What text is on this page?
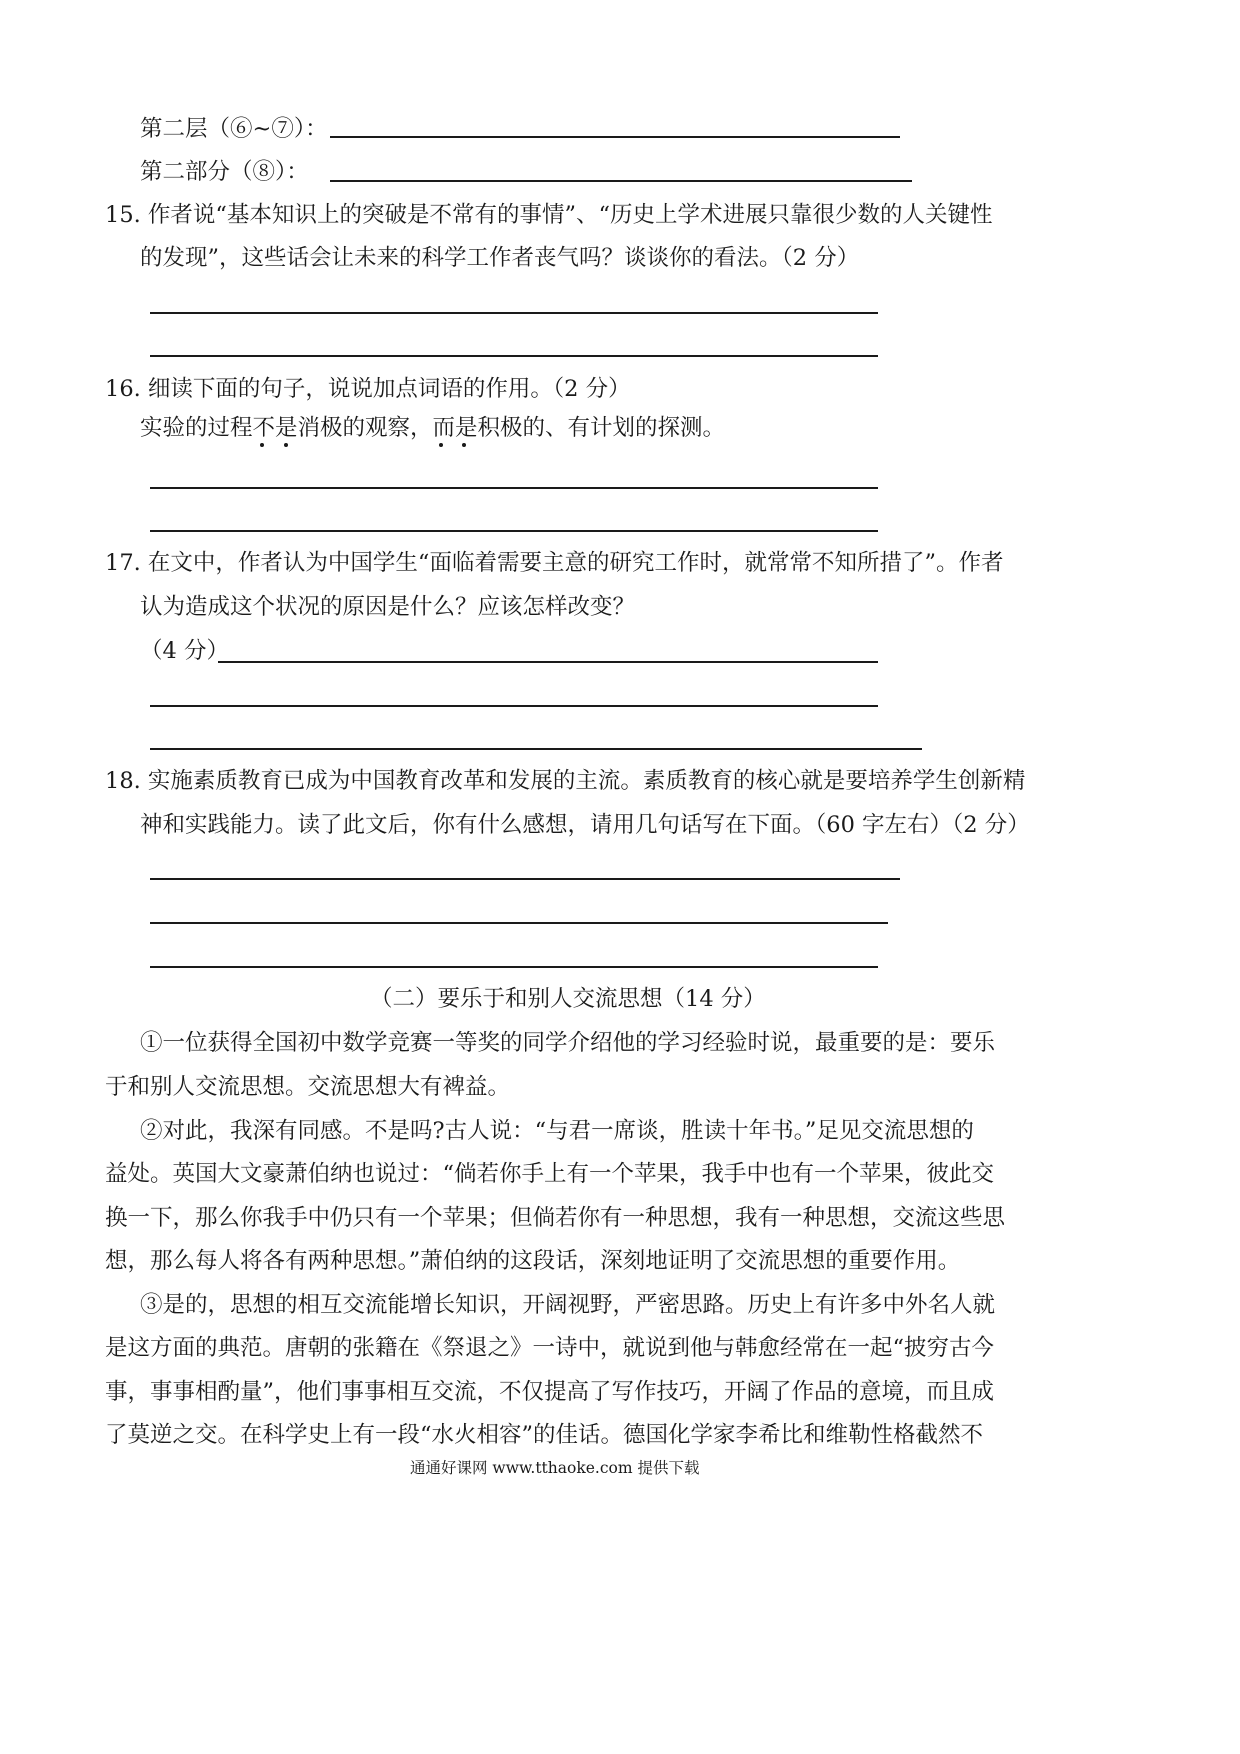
第二层（⑥~⑦）：
第二部分（⑧）：
15. 作者说“基本知识上的突破是不常有的事情”、“历史上学术进展只靠很少数的人关键性
的发现”，这些话会让未来的科学工作者丧气吗？谈谈你的看法。（2 分）
16. 细读下面的句子，说说加点词语的作用。（2 分）
实验的过程不是消极的观察，而是积极的、有计划的探测。
17. 在文中，作者认为中国学生“面临着需要主意的研究工作时，就常常不知所措了”。作者
认为造成这个状况的原因是什么？应该怎样改变？
（4 分）
18. 实施素质教育已成为中国教育改革和发展的主流。素质教育的核心就是要培养学生创新精
神和实践能力。读了此文后，你有什么感想，请用几句话写在下面。（60 字左右）（2 分）
（二）要乐于和别人交流思想（14 分）
①一位获得全国初中数学竞赛一等奖的同学介绍他的学习经验时说，最重要的是：要乐
于和别人交流思想。交流思想大有裨益。
②对此，我深有同感。不是吗?古人说：“与君一席谈，胜读十年书。”足见交流思想的
益处。英国大文豪萧伯纳也说过：“倘若你手上有一个苹果，我手中也有一个苹果，彼此交
换一下，那么你我手中仍只有一个苹果；但倘若你有一种思想，我有一种思想，交流这些思
想，那么每人将各有两种思想。”萧伯纳的这段话，深刻地证明了交流思想的重要作用。
③是的，思想的相互交流能增长知识，开阔视野，严密思路。历史上有许多中外名人就
是这方面的典范。唐朝的张籍在《祭退之》一诗中，就说到他与韩愈经常在一起“披穷古今
事，事事相酌量”，他们事事相互交流，不仅提高了写作技巧，开阔了作品的意境，而且成
了莫逆之交。在科学史上有一段“水火相容”的佳话。德国化学家李希比和维勒性格截然不
通通好课网 www.tthaoke.com 提供下载
